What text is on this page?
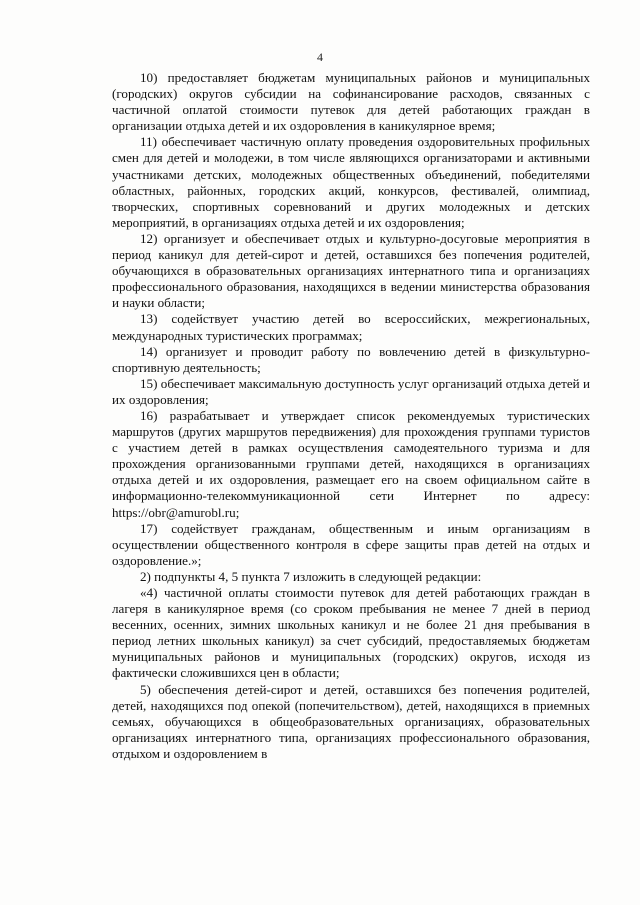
4

10) предоставляет бюджетам муниципальных районов и муниципальных (городских) округов субсидии на софинансирование расходов, связанных с частичной оплатой стоимости путевок для детей работающих граждан в организации отдыха детей и их оздоровления в каникулярное время;

11) обеспечивает частичную оплату проведения оздоровительных профильных смен для детей и молодежи, в том числе являющихся организаторами и активными участниками детских, молодежных общественных объединений, победителями областных, районных, городских акций, конкурсов, фестивалей, олимпиад, творческих, спортивных соревнований и других молодежных и детских мероприятий, в организациях отдыха детей и их оздоровления;

12) организует и обеспечивает отдых и культурно-досуговые мероприятия в период каникул для детей-сирот и детей, оставшихся без попечения родителей, обучающихся в образовательных организациях интернатного типа и организациях профессионального образования, находящихся в ведении министерства образования и науки области;

13) содействует участию детей во всероссийских, межрегиональных, международных туристических программах;

14) организует и проводит работу по вовлечению детей в физкультурно-спортивную деятельность;

15) обеспечивает максимальную доступность услуг организаций отдыха детей и их оздоровления;

16) разрабатывает и утверждает список рекомендуемых туристических маршрутов (других маршрутов передвижения) для прохождения группами туристов с участием детей в рамках осуществления самодеятельного туризма и для прохождения организованными группами детей, находящихся в организациях отдыха детей и их оздоровления, размещает его на своем официальном сайте в информационно-телекоммуникационной сети Интернет по адресу: https://obr@amurobl.ru;

17) содействует гражданам, общественным и иным организациям в осуществлении общественного контроля в сфере защиты прав детей на отдых и оздоровление.»;

2) подпункты 4, 5 пункта 7 изложить в следующей редакции:

«4) частичной оплаты стоимости путевок для детей работающих граждан в лагеря в каникулярное время (со сроком пребывания не менее 7 дней в период весенних, осенних, зимних школьных каникул и не более 21 дня пребывания в период летних школьных каникул) за счет субсидий, предоставляемых бюджетам муниципальных районов и муниципальных (городских) округов, исходя из фактически сложившихся цен в области;

5) обеспечения детей-сирот и детей, оставшихся без попечения родителей, детей, находящихся под опекой (попечительством), детей, находящихся в приемных семьях, обучающихся в общеобразовательных организациях, образовательных организациях интернатного типа, организациях профессионального образования, отдыхом и оздоровлением в
